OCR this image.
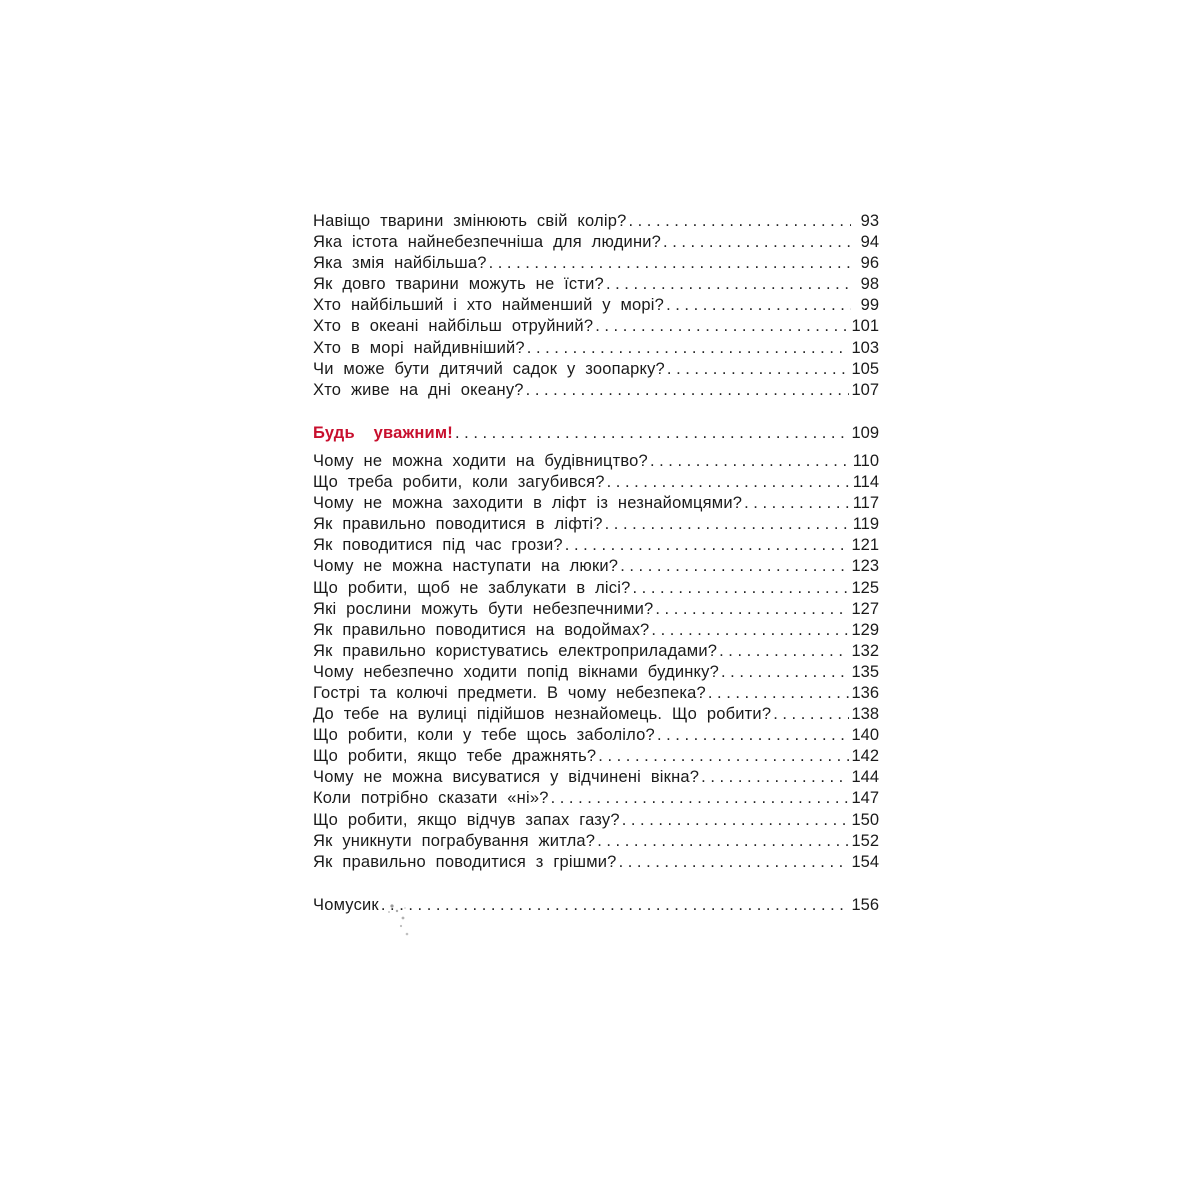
Навіщо тварини змінюють свій колір? . . .	93
Яка істота найнебезпечніша для людини? . . .	94
Яка змія найбільша? . . .	96
Як довго тварини можуть не їсти? . . .	98
Хто найбільший і хто найменший у морі? . . .	99
Хто в океані найбільш отруйний? . . .	101
Хто в морі найдивніший? . . .	103
Чи може бути дитячий садок у зоопарку? . . .	105
Хто живе на дні океану? . . .	107
Будь уважним! . . .	109
Чому не можна ходити на будівництво? . . .	110
Що треба робити, коли загубився? . . .	114
Чому не можна заходити в ліфт із незнайомцями? . . .	117
Як правильно поводитися в ліфті? . . .	119
Як поводитися під час грози? . . .	121
Чому не можна наступати на люки? . . .	123
Що робити, щоб не заблукати в лісі? . . .	125
Які рослини можуть бути небезпечними? . . .	127
Як правильно поводитися на водоймах? . . .	129
Як правильно користуватись електроприладами? . . .	132
Чому небезпечно ходити попід вікнами будинку? . . .	135
Гострі та колючі предмети. В чому небезпека? . . .	136
До тебе на вулиці підійшов незнайомець. Що робити? . . .	138
Що робити, коли у тебе щось заболіло? . . .	140
Що робити, якщо тебе дражнять? . . .	142
Чому не можна висуватися у відчинені вікна? . . .	144
Коли потрібно сказати «ні»? . . .	147
Що робити, якщо відчув запах газу? . . .	150
Як уникнути пограбування житла? . . .	152
Як правильно поводитися з грішми? . . .	154
Чомусик . . .	156
